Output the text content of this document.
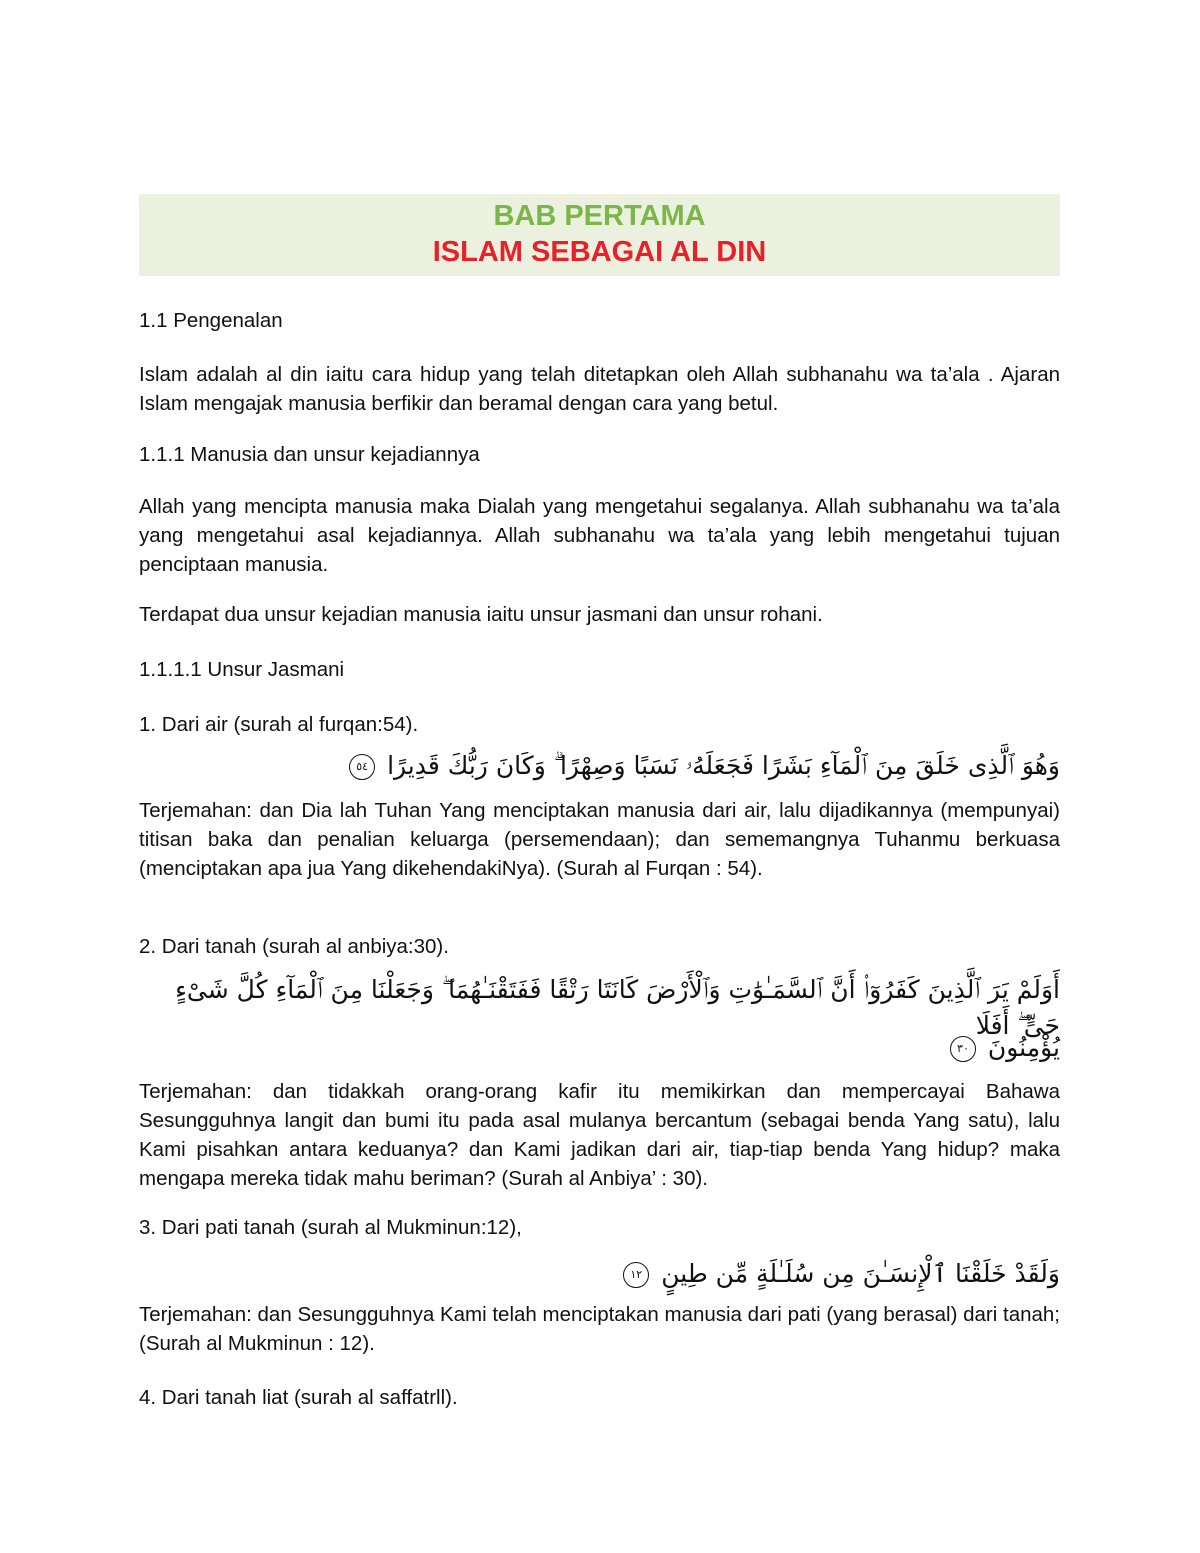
BAB PERTAMA
ISLAM SEBAGAI AL DIN

1.1 Pengenalan

Islam adalah al din iaitu cara hidup yang telah ditetapkan oleh Allah subhanahu wa ta’ala . Ajaran Islam mengajak manusia berfikir dan beramal dengan cara yang betul.

1.1.1 Manusia dan unsur kejadiannya

Allah yang mencipta manusia maka Dialah yang mengetahui segalanya. Allah subhanahu wa ta’ala yang mengetahui asal kejadiannya. Allah subhanahu wa ta’ala yang lebih mengetahui tujuan penciptaan manusia.

Terdapat dua unsur kejadian manusia iaitu unsur jasmani dan unsur rohani.

1.1.1.1 Unsur Jasmani

1. Dari air (surah al furqan:54).

وَهُوَ ٱلَّذِى خَلَقَ مِنَ ٱلْمَآءِ بَشَرًا فَجَعَلَهُۥ نَسَبًا وَصِهْرًا ۗ وَكَانَ رَبُّكَ قَدِيرًا ٥٤

Terjemahan: dan Dia lah Tuhan Yang menciptakan manusia dari air, lalu dijadikannya (mempunyai) titisan baka dan penalian keluarga (persemendaan); dan sememangnya Tuhanmu berkuasa (menciptakan apa jua Yang dikehendakiNya). (Surah al Furqan : 54).

2. Dari tanah (surah al anbiya:30).

أَوَلَمْ يَرَ ٱلَّذِينَ كَفَرُوٓا۟ أَنَّ ٱلسَّمَـٰوَٰتِ وَٱلْأَرْضَ كَانَتَا رَتْقًا فَفَتَقْنَـٰهُمَا ۖ وَجَعَلْنَا مِنَ ٱلْمَآءِ كُلَّ شَىْءٍ حَىٍّ ۖ أَفَلَا
يُؤْمِنُونَ ٣٠

Terjemahan: dan tidakkah orang-orang kafir itu memikirkan dan mempercayai Bahawa Sesungguhnya langit dan bumi itu pada asal mulanya bercantum (sebagai benda Yang satu), lalu Kami pisahkan antara keduanya? dan Kami jadikan dari air, tiap-tiap benda Yang hidup? maka mengapa mereka tidak mahu beriman? (Surah al Anbiya’ : 30).

3. Dari pati tanah (surah al Mukminun:12),

وَلَقَدْ خَلَقْنَا ٱلْإِنسَـٰنَ مِن سُلَـٰلَةٍ مِّن طِينٍ ١٢

Terjemahan: dan Sesungguhnya Kami telah menciptakan manusia dari pati (yang berasal) dari tanah; (Surah al Mukminun : 12).

4. Dari tanah liat (surah al saffatrll).
